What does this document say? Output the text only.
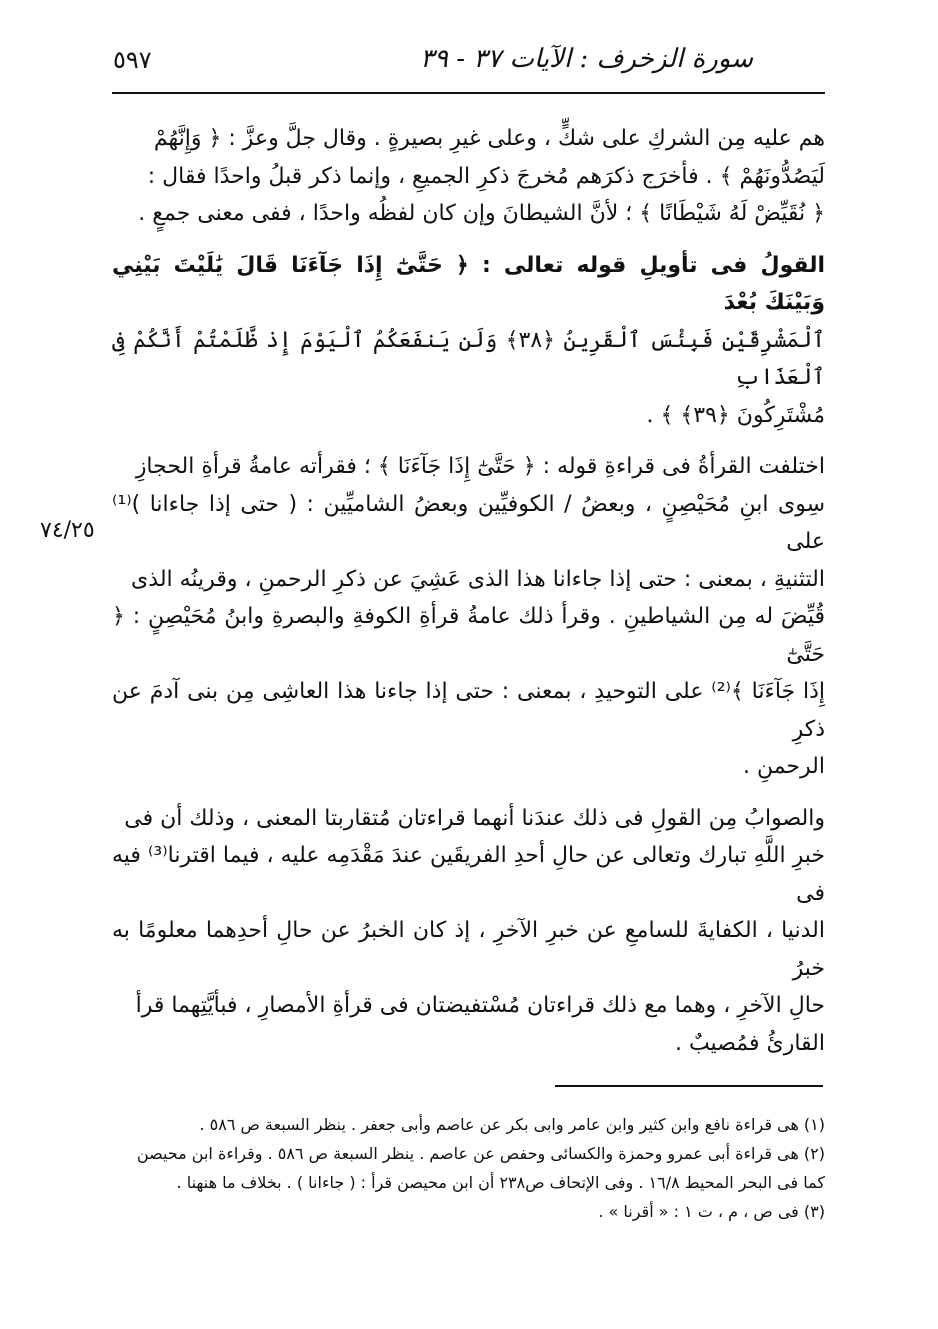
٥٩٧	سورة الزخرف : الآيات ٣٧ - ٣٩
٧٤/٢٥

هم عليه مِن الشركِ على شكٍّ ، وعلى غيرِ بصيرةٍ . وقال جلَّ وعزَّ : ﴿ وَإِنَّهُمْ

لَيَصُدُّونَهُمْ ﴾ . فأخرَج ذكرَهم مُخرجَ ذكرِ الجميعِ ، وإنما ذكر قبلُ واحدًا فقال :

﴿ نُقَيِّضْ لَهُ شَيْطَانًا ﴾ ؛ لأنَّ الشيطانَ وإن كان لفظُه واحدًا ، ففى معنى جمعٍ .

القولُ فى تأويلِ قوله تعالى : ﴿ حَتَّىٰٓ إِذَا جَآءَنَا قَالَ يَٰلَيْتَ بَيْنِي وَبَيْنَكَ بُعْدَ

ٱلْمَشْرِقَيْنِ فَبِئْسَ ٱلْقَرِينُ ﴿٣٨﴾ وَلَن يَنفَعَكُمُ ٱلْيَوْمَ إِذ ظَّلَمْتُمْ أَنَّكُمْ فِى ٱلْعَذَابِ

مُشْتَرِكُونَ ﴿٣٩﴾ ﴾ .

اختلفت القرأةُ فى قراءةِ قوله : ﴿ حَتَّىٰٓ إِذَا جَآءَنَا ﴾ ؛ فقرأته عامةُ قرأةِ الحجازِ

سِوى ابنِ مُحَيْصِنٍ ، وبعضُ / الكوفيِّين وبعضُ الشاميِّين : ( حتى إذا جاءانا )⁽¹⁾ على

التثنيةِ ، بمعنى : حتى إذا جاءانا هذا الذى عَشِيَ عن ذكرِ الرحمنِ ، وقرينُه الذى

قُيِّضَ له مِن الشياطينِ . وقرأ ذلك عامةُ قرأةِ الكوفةِ والبصرةِ وابنُ مُحَيْصِنٍ : ﴿ حَتَّىٰٓ

إِذَا جَآءَنَا ﴾⁽²⁾ على التوحيدِ ، بمعنى : حتى إذا جاءنا هذا العاشِى مِن بنى آدمَ عن ذكرِ

الرحمنِ .

والصوابُ مِن القولِ فى ذلك عندَنا أنهما قراءتان مُتقاربتا المعنى ، وذلك أن فى

خبرِ اللَّهِ تبارك وتعالى عن حالِ أحدِ الفريقَين عندَ مَقْدَمِه عليه ، فيما اقترنا⁽³⁾ فيه فى

الدنيا ، الكفايةَ للسامعِ عن خبرِ الآخرِ ، إذ كان الخبرُ عن حالِ أحدِهما معلومًا به خبرُ

حالِ الآخرِ ، وهما مع ذلك قراءتان مُسْتفيضتان فى قرأةِ الأمصارِ ، فبأيَّتِهما قرأ

القارئُ فمُصيبٌ .

(١) هى قراءة نافع وابن كثير وابن عامر وابى بكر عن عاصم وأبى جعفر . ينظر السبعة ص ٥٨٦ .

(٢) هى قراءة أبى عمرو وحمزة والكسائى وحفص عن عاصم . ينظر السبعة ص ٥٨٦ . وقراءة ابن محيصن

كما فى البحر المحيط ١٦/٨ . وفى الإتحاف ص٢٣٨ أن ابن محيصن قرأ : ( جاءانا ) . بخلاف ما هنهنا .

(٣) فى ص ، م ، ت ١ : « أقرنا » .
